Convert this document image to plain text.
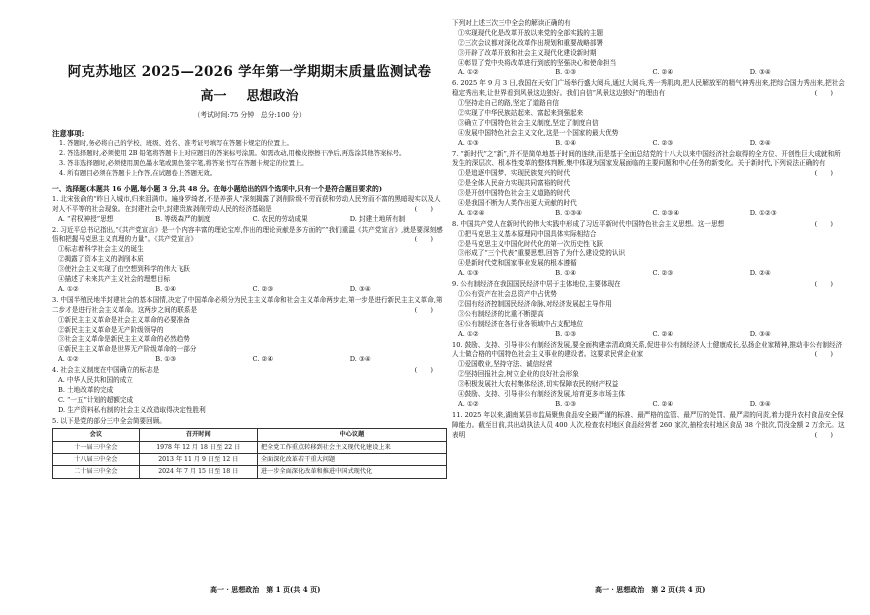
阿克苏地区 2025—2026 学年第一学期期末质量监测试卷
高一 思想政治
（考试时间:75 分钟　总分:100 分）
注意事项:
1. 答题时,务必将自己的学校、班级、姓名、准考证号填写在答题卡规定的位置上。
2. 答选择题时,必须使用 2B 铅笔将答题卡上对应题目的答案标号涂黑。如需改动,用橡皮擦擦干净后,再选涂其他答案标号。
3. 答非选择题时,必须使用黑色墨水笔或黑色签字笔,将答案书写在答题卡规定的位置上。
4. 所有题目必须在答题卡上作答,在试题卷上答题无效。
一、选择题(本题共 16 小题,每小题 3 分,共 48 分。在每小题给出的四个选项中,只有一个是符合题目要求的)
1. 北宋张俞的“昨日入城市,归来泪满巾。遍身罗绮者,不是养蚕人”深刻揭露了剥削阶级不劳而获和劳动人民穷而不富的黑暗现实以及人对人不平等的社会现象。在封建社会中,封建贵族剥削劳动人民的经济基础是	(　　)
A. “君权神授”思想	B. 等级森严的制度	C. 农民的劳动成果	D. 封建土地所有制
2. 习近平总书记指出,“《共产党宣言》是一个内容丰富的理论宝库,作出的理论贡献是多方面的”“我们重温《共产党宣言》,就是要深刻感悟和把握马克思主义真理的力量”。《共产党宣言》	(　　)
①标志着科学社会主义的诞生
②揭露了资本主义的剥削本质
③使社会主义实现了由空想到科学的伟大飞跃
④描述了未来共产主义社会的理想目标
A. ①②	B. ①④	C. ②③	D. ③④
3. 中国半殖民地半封建社会的基本国情,决定了中国革命必须分为民主主义革命和社会主义革命两步走,第一步是进行新民主主义革命,第二步才是进行社会主义革命。这两步之间的联系是	(　　)
①新民主主义革命是社会主义革命的必要准备
②新民主主义革命是无产阶级领导的
③社会主义革命是新民主主义革命的必然趋势
④新民主主义革命是世界无产阶级革命的一部分
A. ①②	B. ①③	C. ②④	D. ③④
4. 社会主义制度在中国确立的标志是	(　　)
A. 中华人民共和国的成立
B. 土地改革的完成
C. “一五”计划的超额完成
D. 生产资料私有制的社会主义改造取得决定性胜利
5. 以下是党的部分三中全会简要回顾。
会议	召开时间	中心议题
十一届三中全会	1978 年 12 月 18 日至 22 日	把全党工作重点转移到社会主义现代化建设上来
十八届三中全会	2013 年 11 月 9 日至 12 日	全面深化改革若干重大问题
二十届三中全会	2024 年 7 月 15 日至 18 日	进一步全面深化改革和推进中国式现代化
高一 · 思想政治　第 1 页(共 4 页)
下列对上述三次三中全会的解读正确的有
①实现现代化是改革开放以来党的全部实践的主题
②三次会议都对深化改革作出规划和重要战略部署
③开辟了改革开放和社会主义现代化建设新时期
④彰显了党中央将改革进行到底的坚强决心和使命担当
A. ①②	B. ①③	C. ②④	D. ③④
6. 2025 年 9 月 3 日,我国在天安门广场举行盛大阅兵,通过大阅兵,秀一秀肌肉,把人民解放军的精气神秀出来,把综合国力秀出来,把社会稳定秀出来,让世界看到风景这边独好。我们自信“风景这边独好”的理由有	(　　)
①坚持走自己的路,坚定了道路自信
②实现了中华民族站起来、富起来到强起来
③确立了中国特色社会主义制度,坚定了制度自信
④发展中国特色社会主义文化,这是一个国家的最大优势
A. ①③	B. ①④	C. ②③	D. ②④
7. “新时代”之“新”,并不是简单地基于时间的连续,而是基于全面总结党的十八大以来中国经济社会取得的全方位、开创性巨大成就和所发生的深层次、根本性变革的整体判断,集中体现为国家发展面临的主要问题和中心任务的新变化。关于新时代,下列说法正确的有
(　　)
①是追逐中国梦、实现民族复兴的时代
②是全体人民奋力实现共同富裕的时代
③是开创中国特色社会主义道路的时代
④是我国不断为人类作出更大贡献的时代
A. ①②④	B. ①③④	C. ②③④	D. ①②③
8. 中国共产党人在新时代的伟大实践中形成了习近平新时代中国特色社会主义思想。这一思想	(　　)
①把马克思主义基本原理同中国具体实际相结合
②是马克思主义中国化时代化的第一次历史性飞跃
③形成了“三个代表”重要思想,回答了为什么建设党的认识
④是新时代党和国家事业发展的根本遵循
A. ①③	B. ①④	C. ②③	D. ②④
9. 公有制经济在我国国民经济中居于主体地位,主要体现在	(　　)
①公有资产在社会总资产中占优势
②国有经济控制国民经济命脉,对经济发展起主导作用
③公有制经济的比重不断提高
④公有制经济在各行业各领域中占支配地位
A. ①②	B. ①③	C. ②④	D. ③④
10. 鼓励、支持、引导非公有制经济发展,要全面构建亲清政商关系,促进非公有制经济人士健康成长,弘扬企业家精神,推动非公有制经济人士做合格的中国特色社会主义事业的建设者。这要求民营企业家	(　　)
①爱国敬业,坚持守法、诚信经营
②坚持回报社会,树立企业的良好社会形象
③积极发展社大农村集体经济,切实保障农民的财产权益
④鼓励、支持、引导非公有制经济发展,培育更多市场主体
A. ①②	B. ①③	C. ②④	D. ③④
11. 2025 年以来,湖南某县市监局聚焦食品安全最严谨的标准、最严格的监管、最严厉的处罚、最严肃的问责,着力提升农村食品安全保障能力。截至目前,共出动执法人员 400 人次,检查农村地区食品经营者 260 家次,抽检农村地区食品 38 个批次,罚没金额 2 万余元。这表明	(　　)
高一 · 思想政治　第 2 页(共 4 页)
